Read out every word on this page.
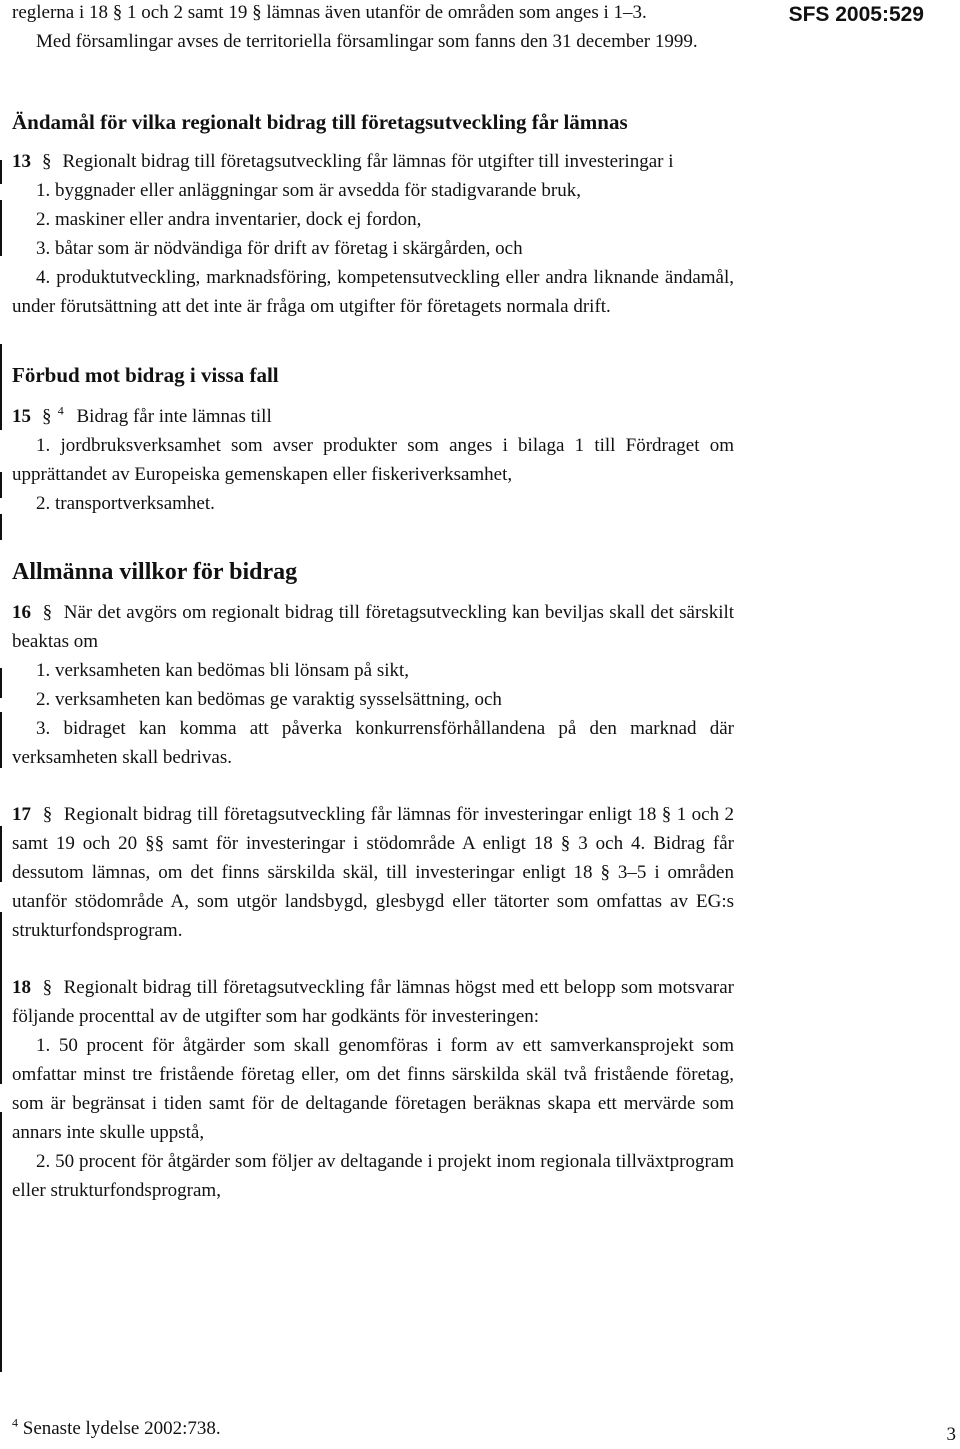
SFS 2005:529

reglerna i 18 § 1 och 2 samt 19 § lämnas även utanför de områden som anges i 1–3.

Med församlingar avses de territoriella församlingar som fanns den 31 december 1999.

Ändamål för vilka regionalt bidrag till företagsutveckling får lämnas

13 § Regionalt bidrag till företagsutveckling får lämnas för utgifter till investeringar i

1. byggnader eller anläggningar som är avsedda för stadigvarande bruk,

2. maskiner eller andra inventarier, dock ej fordon,

3. båtar som är nödvändiga för drift av företag i skärgården, och

4. produktutveckling, marknadsföring, kompetensutveckling eller andra liknande ändamål, under förutsättning att det inte är fråga om utgifter för företagets normala drift.

Förbud mot bidrag i vissa fall

15 § $^4$ Bidrag får inte lämnas till

1. jordbruksverksamhet som avser produkter som anges i bilaga 1 till Fördraget om upprättandet av Europeiska gemenskapen eller fiskeriverksamhet,

2. transportverksamhet.

Allmänna villkor för bidrag

16 § När det avgörs om regionalt bidrag till företagsutveckling kan beviljas skall det särskilt beaktas om

1. verksamheten kan bedömas bli lönsam på sikt,

2. verksamheten kan bedömas ge varaktig sysselsättning, och

3. bidraget kan komma att påverka konkurrensförhållandena på den marknad där verksamheten skall bedrivas.

17 § Regionalt bidrag till företagsutveckling får lämnas för investeringar enligt 18 § 1 och 2 samt 19 och 20 §§ samt för investeringar i stödområde A enligt 18 § 3 och 4. Bidrag får dessutom lämnas, om det finns särskilda skäl, till investeringar enligt 18 § 3–5 i områden utanför stödområde A, som utgör landsbygd, glesbygd eller tätorter som omfattas av EG:s strukturfondsprogram.

18 § Regionalt bidrag till företagsutveckling får lämnas högst med ett belopp som motsvarar följande procenttal av de utgifter som har godkänts för investeringen:

1. 50 procent för åtgärder som skall genomföras i form av ett samverkansprojekt som omfattar minst tre fristående företag eller, om det finns särskilda skäl två fristående företag, som är begränsat i tiden samt för de deltagande företagen beräknas skapa ett mervärde som annars inte skulle uppstå,

2. 50 procent för åtgärder som följer av deltagande i projekt inom regionala tillväxtprogram eller strukturfondsprogram,

$^4$ Senaste lydelse 2002:738.	3
